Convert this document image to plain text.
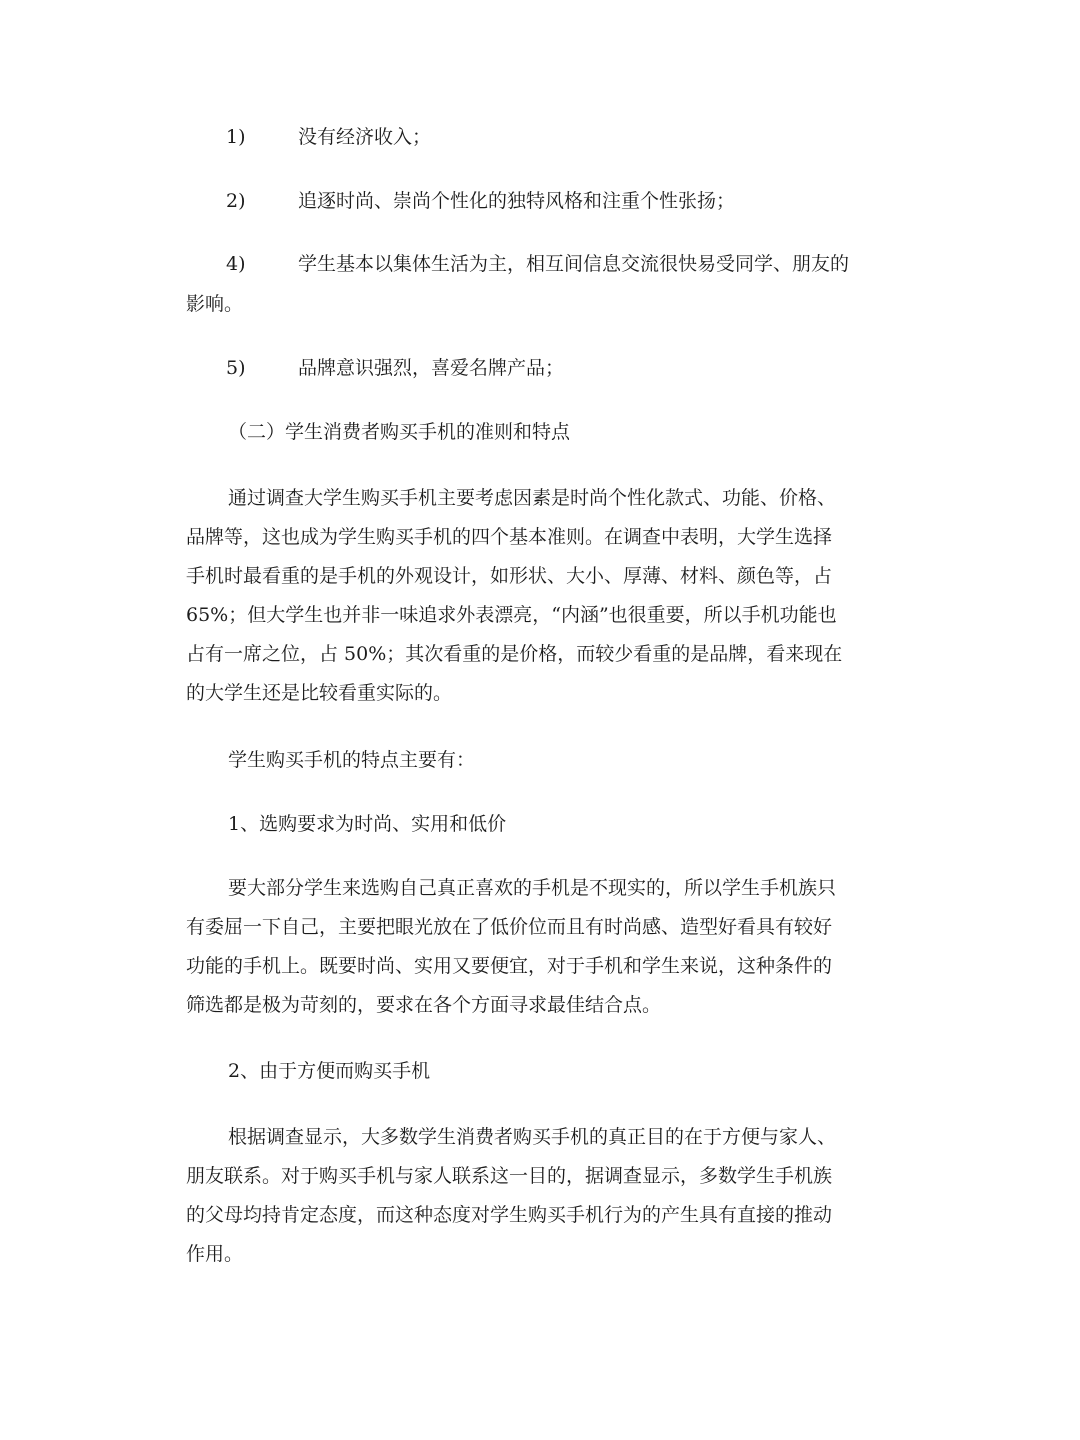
1)	没有经济收入；
2)	追逐时尚、崇尚个性化的独特风格和注重个性张扬；
4)	学生基本以集体生活为主，相互间信息交流很快易受同学、朋友的
影响。
5)	品牌意识强烈，喜爱名牌产品；
（二）学生消费者购买手机的准则和特点
通过调查大学生购买手机主要考虑因素是时尚个性化款式、功能、价格、
品牌等，这也成为学生购买手机的四个基本准则。在调查中表明，大学生选择
手机时最看重的是手机的外观设计，如形状、大小、厚薄、材料、颜色等，占
65%；但大学生也并非一味追求外表漂亮，“内涵”也很重要，所以手机功能也
占有一席之位，占 50%；其次看重的是价格，而较少看重的是品牌，看来现在
的大学生还是比较看重实际的。
学生购买手机的特点主要有：
1、选购要求为时尚、实用和低价
要大部分学生来选购自己真正喜欢的手机是不现实的，所以学生手机族只
有委屈一下自己，主要把眼光放在了低价位而且有时尚感、造型好看具有较好
功能的手机上。既要时尚、实用又要便宜，对于手机和学生来说，这种条件的
筛选都是极为苛刻的，要求在各个方面寻求最佳结合点。
2、由于方便而购买手机
根据调查显示，大多数学生消费者购买手机的真正目的在于方便与家人、
朋友联系。对于购买手机与家人联系这一目的，据调查显示，多数学生手机族
的父母均持肯定态度，而这种态度对学生购买手机行为的产生具有直接的推动
作用。
